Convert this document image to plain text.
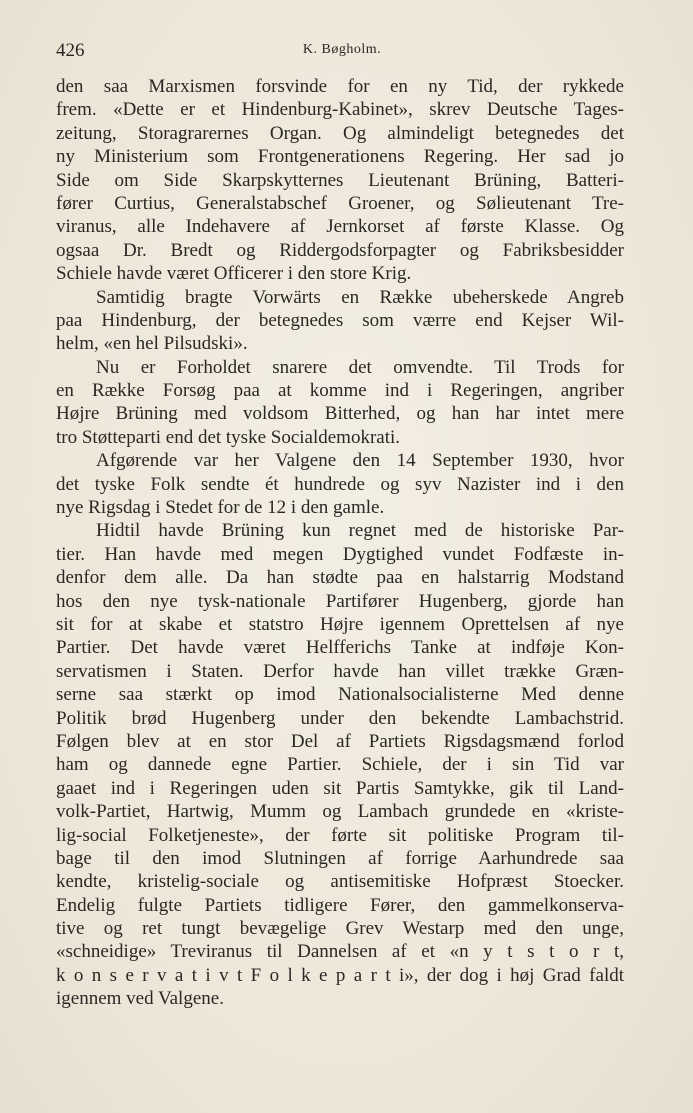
426	K. Bøgholm.
den saa Marxismen forsvinde for en ny Tid, der rykkede
frem. «Dette er et Hindenburg-Kabinet», skrev Deutsche Tages-
zeitung, Storagrarernes Organ. Og almindeligt betegnedes det
ny Ministerium som Frontgenerationens Regering. Her sad jo
Side om Side Skarpskytternes Lieutenant Brüning, Batteri-
fører Curtius, Generalstabschef Groener, og Sølieutenant Tre-
viranus, alle Indehavere af Jernkorset af første Klasse. Og
ogsaa Dr. Bredt og Riddergodsforpagter og Fabriksbesidder
Schiele havde været Officerer i den store Krig.
Samtidig bragte Vorwärts en Række ubeherskede Angreb
paa Hindenburg, der betegnedes som værre end Kejser Wil-
helm, «en hel Pilsudski».
Nu er Forholdet snarere det omvendte. Til Trods for
en Række Forsøg paa at komme ind i Regeringen, angriber
Højre Brüning med voldsom Bitterhed, og han har intet mere
tro Støtteparti end det tyske Socialdemokrati.
Afgørende var her Valgene den 14 September 1930, hvor
det tyske Folk sendte ét hundrede og syv Nazister ind i den
nye Rigsdag i Stedet for de 12 i den gamle.
Hidtil havde Brüning kun regnet med de historiske Par-
tier. Han havde med megen Dygtighed vundet Fodfæste in-
denfor dem alle. Da han stødte paa en halstarrig Modstand
hos den nye tysk-nationale Partifører Hugenberg, gjorde han
sit for at skabe et statstro Højre igennem Oprettelsen af nye
Partier. Det havde været Helfferichs Tanke at indføje Kon-
servatismen i Staten. Derfor havde han villet trække Græn-
serne saa stærkt op imod Nationalsocialisterne Med denne
Politik brød Hugenberg under den bekendte Lambachstrid.
Følgen blev at en stor Del af Partiets Rigsdagsmænd forlod
ham og dannede egne Partier. Schiele, der i sin Tid var
gaaet ind i Regeringen uden sit Partis Samtykke, gik til Land-
volk-Partiet, Hartwig, Mumm og Lambach grundede en «kriste-
lig-social Folketjeneste», der førte sit politiske Program til-
bage til den imod Slutningen af forrige Aarhundrede saa
kendte, kristelig-sociale og antisemitiske Hofpræst Stoecker.
Endelig fulgte Partiets tidligere Fører, den gammelkonserva-
tive og ret tungt bevægelige Grev Westarp med den unge,
«schneidige» Treviranus til Dannelsen af et «n y t s t o r t,
k o n s e r v a t i v t F o l k e p a r t i», der dog i høj Grad faldt
igennem ved Valgene.
